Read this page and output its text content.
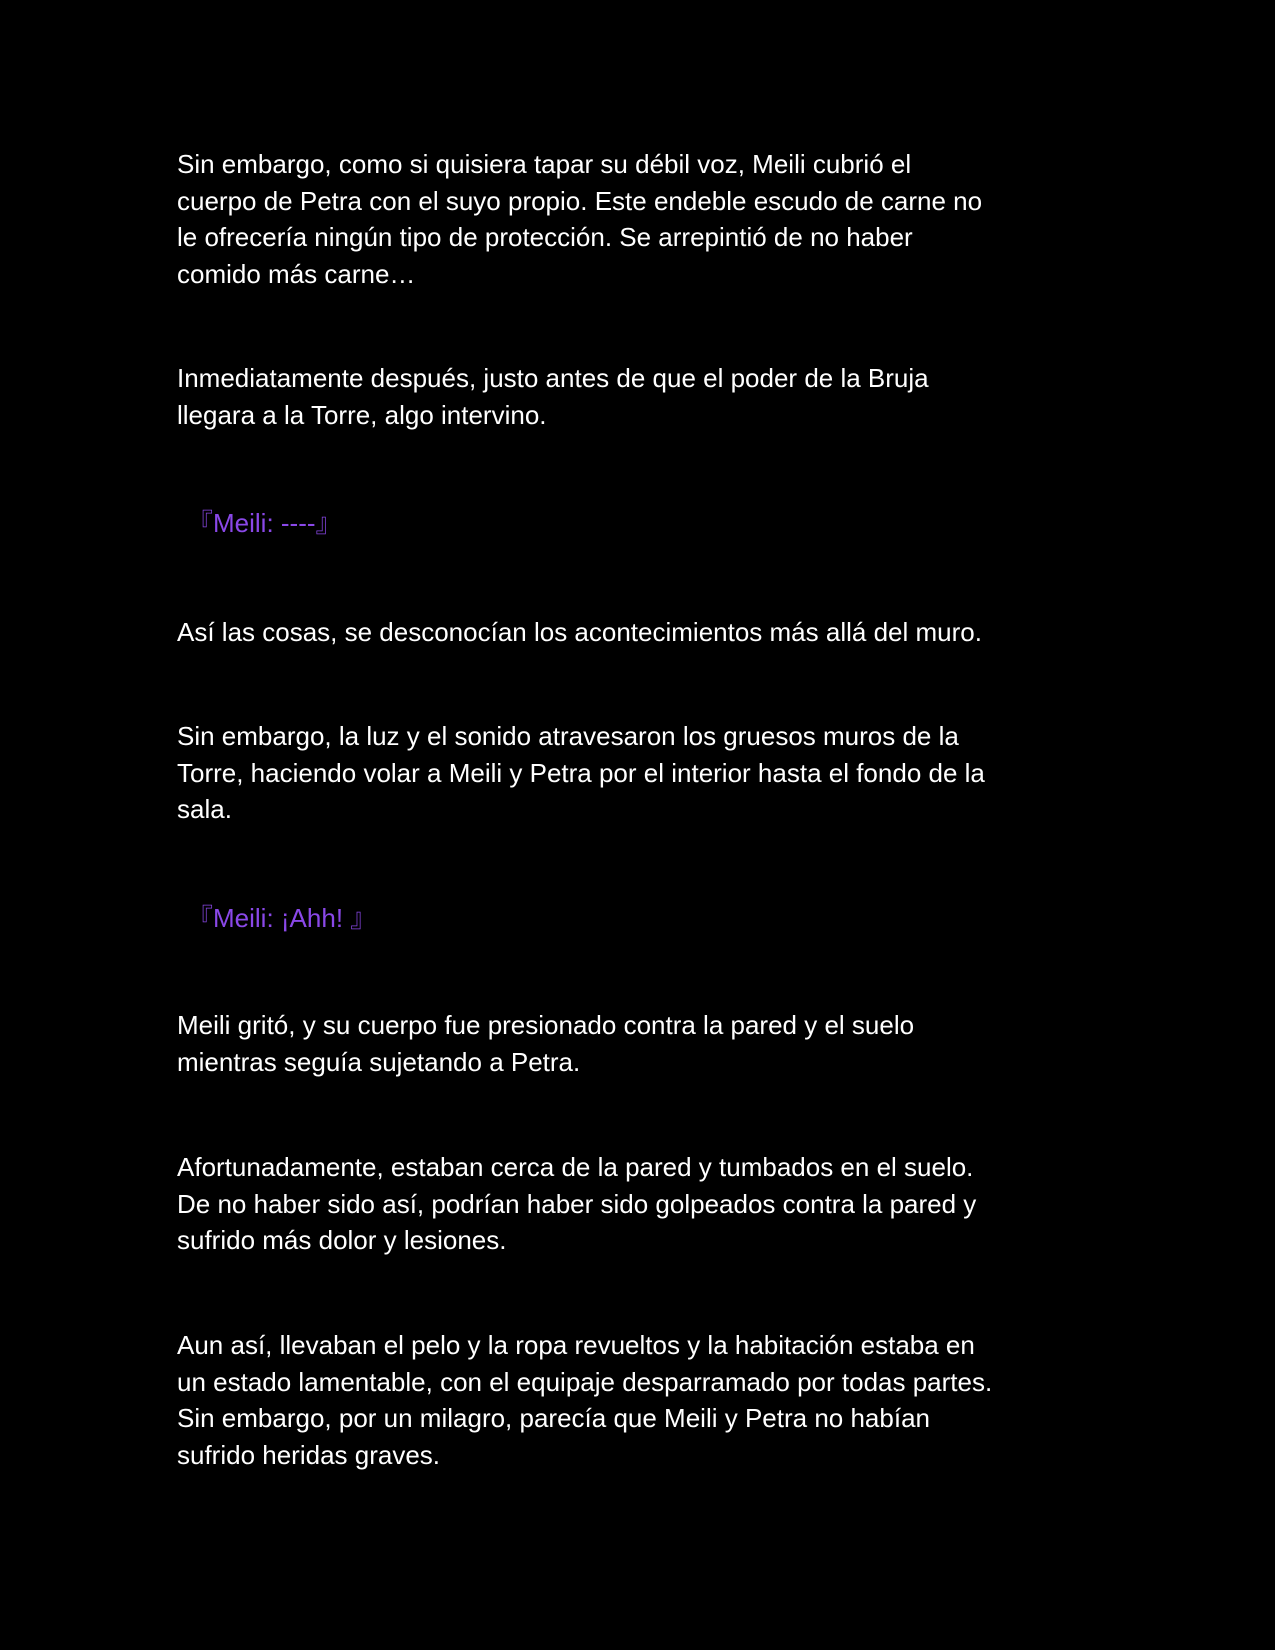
Sin embargo, como si quisiera tapar su débil voz, Meili cubrió el
cuerpo de Petra con el suyo propio. Este endeble escudo de carne no
le ofrecería ningún tipo de protección. Se arrepintió de no haber
comido más carne…

Inmediatamente después, justo antes de que el poder de la Bruja
llegara a la Torre, algo intervino.

『Meili: ----』

Así las cosas, se desconocían los acontecimientos más allá del muro.

Sin embargo, la luz y el sonido atravesaron los gruesos muros de la
Torre, haciendo volar a Meili y Petra por el interior hasta el fondo de la
sala.

『Meili: ¡Ahh! 』

Meili gritó, y su cuerpo fue presionado contra la pared y el suelo
mientras seguía sujetando a Petra.

Afortunadamente, estaban cerca de la pared y tumbados en el suelo.
De no haber sido así, podrían haber sido golpeados contra la pared y
sufrido más dolor y lesiones.

Aun así, llevaban el pelo y la ropa revueltos y la habitación estaba en
un estado lamentable, con el equipaje desparramado por todas partes.
Sin embargo, por un milagro, parecía que Meili y Petra no habían
sufrido heridas graves.
